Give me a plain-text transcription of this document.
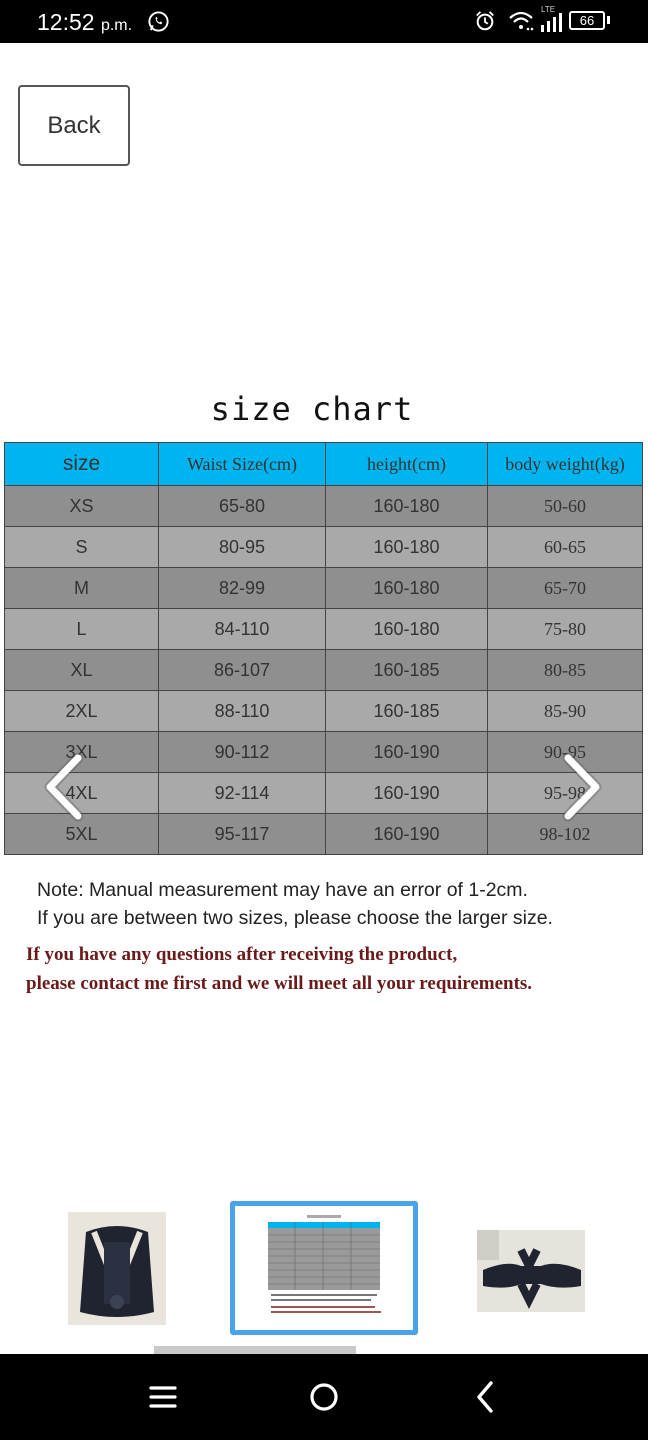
12:52 p.m.
LTE
66
Back
size chart
size	Waist Size(cm)	height(cm)	body weight(kg)
XS	65-80	160-180	50-60
S	80-95	160-180	60-65
M	82-99	160-180	65-70
L	84-110	160-180	75-80
XL	86-107	160-185	80-85
2XL	88-110	160-185	85-90
3XL	90-112	160-190	90-95
4XL	92-114	160-190	95-98
5XL	95-117	160-190	98-102
Note: Manual measurement may have an error of 1-2cm.
If you are between two sizes, please choose the larger size.
If you have any questions after receiving the product,
please contact me first and we will meet all your requirements.
